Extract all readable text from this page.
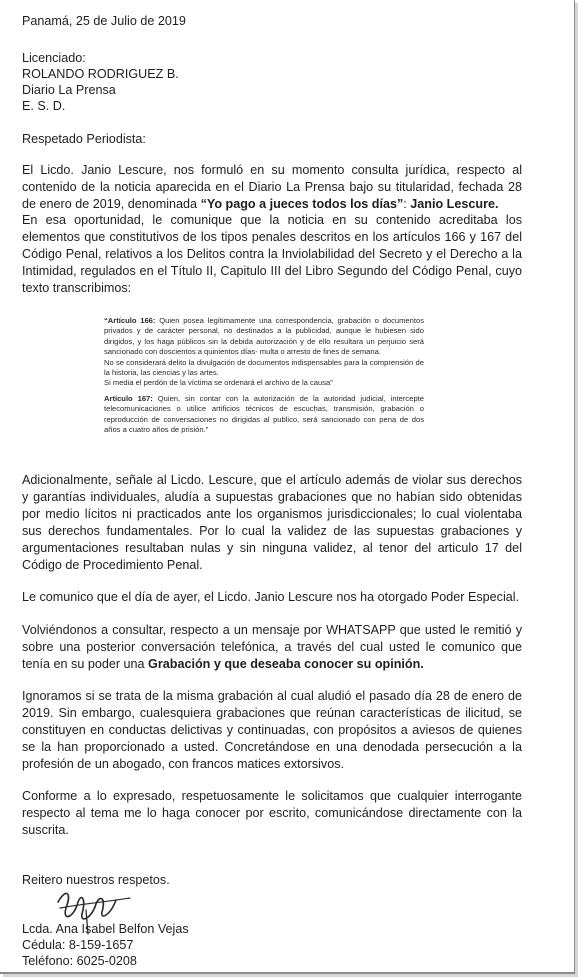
Panamá, 25 de Julio de 2019
Licenciado:
ROLANDO RODRIGUEZ B.
Diario La Prensa
E. S. D.
Respetado Periodista:
El Licdo. Janio Lescure, nos formuló en su momento consulta jurídica, respecto al contenido de la noticia aparecida en el Diario La Prensa bajo su titularidad, fechada 28 de enero de 2019, denominada “Yo pago a jueces todos los días”: Janio Lescure.
En esa oportunidad, le comunique que la noticia en su contenido acreditaba los elementos que constitutivos de los tipos penales descritos en los artículos 166 y 167 del Código Penal, relativos a los Delitos contra la Inviolabilidad del Secreto y el Derecho a la Intimidad, regulados en el Título II, Capitulo III del Libro Segundo del Código Penal, cuyo texto transcribimos:

“Artículo 166: Quien posea legítimamente una correspondencia, grabación o documentos privados y de carácter personal, no destinados a la publicidad, aunque le hubiesen sido dirigidos, y los haga públicos sin la debida autorización y de ello resultara un perjuicio será sancionado con doscientos a quinientos días- multa o arresto de fines de semana.

No se considerará delito la divulgación de documentos indispensables para la comprensión de la historia, las ciencias y las artes.

Si media el perdón de la víctima se ordenará el archivo de la causa”

Artículo 167: Quien, sin contar con la autorización de la autoridad judicial, intercepte telecomunicaciones o utilice artificios técnicos de escuchas, transmisión, grabación o reproducción de conversaciones no dirigidas al publico, será sancionado con pena de dos años a cuatro años de prisión.”

Adicionalmente, señale al Licdo. Lescure, que el artículo además de violar sus derechos y garantías individuales, aludía a supuestas grabaciones que no habían sido obtenidas por medio lícitos ni practicados ante los organismos jurisdiccionales; lo cual violentaba sus derechos fundamentales. Por lo cual la validez de las supuestas grabaciones y argumentaciones resultaban nulas y sin ninguna validez, al tenor del articulo 17 del Código de Procedimiento Penal.
Le comunico que el día de ayer, el Licdo. Janio Lescure nos ha otorgado Poder Especial.
Volviéndonos a consultar, respecto a un mensaje por WHATSAPP que usted le remitió y sobre una posterior conversación telefónica, a través del cual usted le comunico que tenía en su poder una Grabación y que deseaba conocer su opinión.
Ignoramos si se trata de la misma grabación al cual aludió el pasado día 28 de enero de 2019. Sin embargo, cualesquiera grabaciones que reúnan características de ilicitud, se constituyen en conductas delictivas y continuadas, con propósitos a aviesos de quienes se la han proporcionado a usted. Concretándose en una denodada persecución a la profesión de un abogado, con francos matices extorsivos.
Conforme a lo expresado, respetuosamente le solicitamos que cualquier interrogante respecto al tema me lo haga conocer por escrito, comunicándose directamente con la suscrita.
Reitero nuestros respetos.
Lcda. Ana Isabel Belfon Vejas
Cédula: 8-159-1657
Teléfono: 6025-0208
